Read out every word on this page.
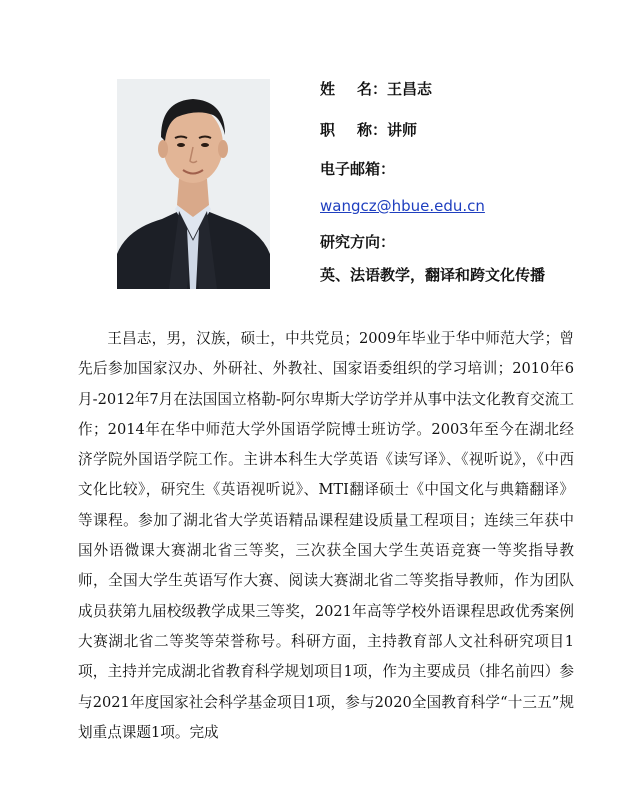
姓 名 ：王昌志
职 称 ：讲师
电子邮箱：
wangcz@hbue.edu.cn
研究方向：
英、法语教学，翻译和跨文化传播

王昌志，男，汉族，硕士，中共党员；2009年毕业于华中师范大学；曾先后参加国家汉办、外研社、外教社、国家语委组织的学习培训；2010年6月-2012年7月在法国国立格勒-阿尔卑斯大学访学并从事中法文化教育交流工作；2014年在华中师范大学外国语学院博士班访学。2003年至今在湖北经济学院外国语学院工作。主讲本科生大学英语《读写译》、《视听说》，《中西文化比较》，研究生《英语视听说》、MTI翻译硕士《中国文化与典籍翻译》等课程。参加了湖北省大学英语精品课程建设质量工程项目；连续三年获中国外语微课大赛湖北省三等奖，三次获全国大学生英语竞赛一等奖指导教师，全国大学生英语写作大赛、阅读大赛湖北省二等奖指导教师，作为团队成员获第九届校级教学成果三等奖，2021年高等学校外语课程思政优秀案例大赛湖北省二等奖等荣誉称号。科研方面，主持教育部人文社科研究项目1项，主持并完成湖北省教育科学规划项目1项，作为主要成员（排名前四）参与2021年度国家社会科学基金项目1项，参与2020全国教育科学“十三五”规划重点课题1项。完成
